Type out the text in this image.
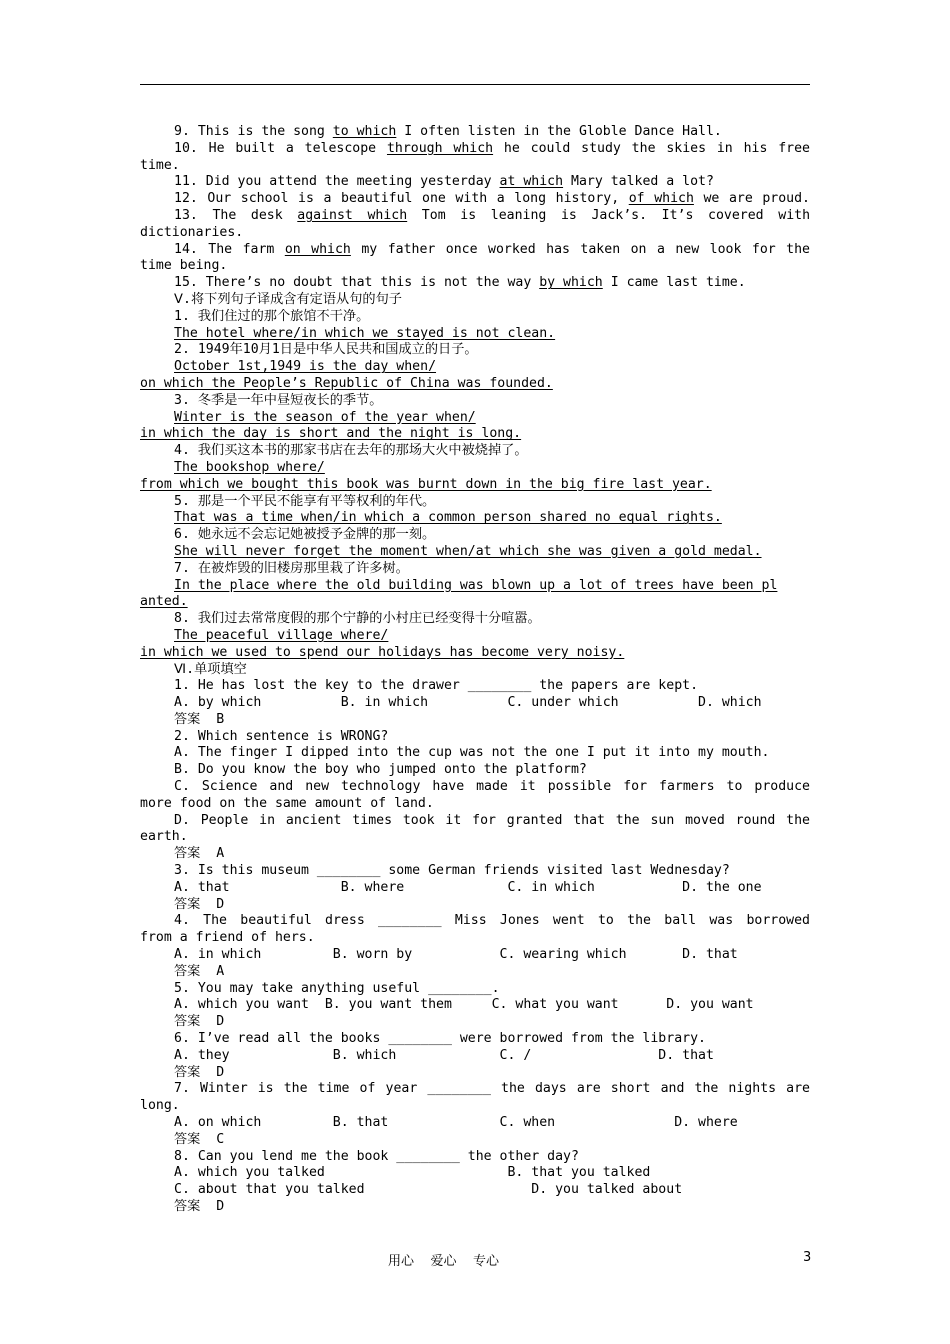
9. This is the song to which I often listen in the Globle Dance Hall.
10. He built a telescope through which he could study the skies in his free
time.
11. Did you attend the meeting yesterday at which Mary talked a lot?
12. Our school is a beautiful one with a long history, of which we are proud.
13. The desk against which Tom is leaning is Jack’s. It’s covered with
dictionaries.
14. The farm on which my father once worked has taken on a new look for the
time being.
15. There’s no doubt that this is not the way by which I came last time.
Ⅴ.将下列句子译成含有定语从句的句子
1. 我们住过的那个旅馆不干净。
The hotel where/in which we stayed is not clean.
2. 1949年10月1日是中华人民共和国成立的日子。
October 1st,1949 is the day when/
on which the People’s Republic of China was founded.
3. 冬季是一年中昼短夜长的季节。
Winter is the season of the year when/
in which the day is short and the night is long.
4. 我们买这本书的那家书店在去年的那场大火中被烧掉了。
The bookshop where/
from which we bought this book was burnt down in the big fire last year.
5. 那是一个平民不能享有平等权利的年代。
That was a time when/in which a common person shared no equal rights.
6. 她永远不会忘记她被授予金牌的那一刻。
She will never forget the moment when/at which she was given a gold medal.
7. 在被炸毁的旧楼房那里栽了许多树。
In the place where the old building was blown up a lot of trees have been pl
anted.
8. 我们过去常常度假的那个宁静的小村庄已经变得十分喧嚣。
The peaceful village where/
in which we used to spend our holidays has become very noisy.
Ⅵ.单项填空
1. He has lost the key to the drawer ________ the papers are kept.
A. by which          B. in which          C. under which          D. which
答案  B
2. Which sentence is WRONG?
A. The finger I dipped into the cup was not the one I put it into my mouth.
B. Do you know the boy who jumped onto the platform?
C. Science and new technology have made it possible for farmers to produce
more food on the same amount of land.
D. People in ancient times took it for granted that the sun moved round the
earth.
答案  A
3. Is this museum ________ some German friends visited last Wednesday?
A. that              B. where             C. in which           D. the one
答案  D
4. The beautiful dress ________ Miss Jones went to the ball was borrowed
from a friend of hers.
A. in which         B. worn by           C. wearing which       D. that
答案  A
5. You may take anything useful ________.
A. which you want  B. you want them     C. what you want      D. you want
答案  D
6. I’ve read all the books ________ were borrowed from the library.
A. they             B. which             C. /                D. that
答案  D
7. Winter is the time of year ________ the days are short and the nights are
long.
A. on which         B. that              C. when               D. where
答案  C
8. Can you lend me the book ________ the other day?
A. which you talked                       B. that you talked
C. about that you talked                     D. you talked about
答案  D
用心    爱心    专心	3
